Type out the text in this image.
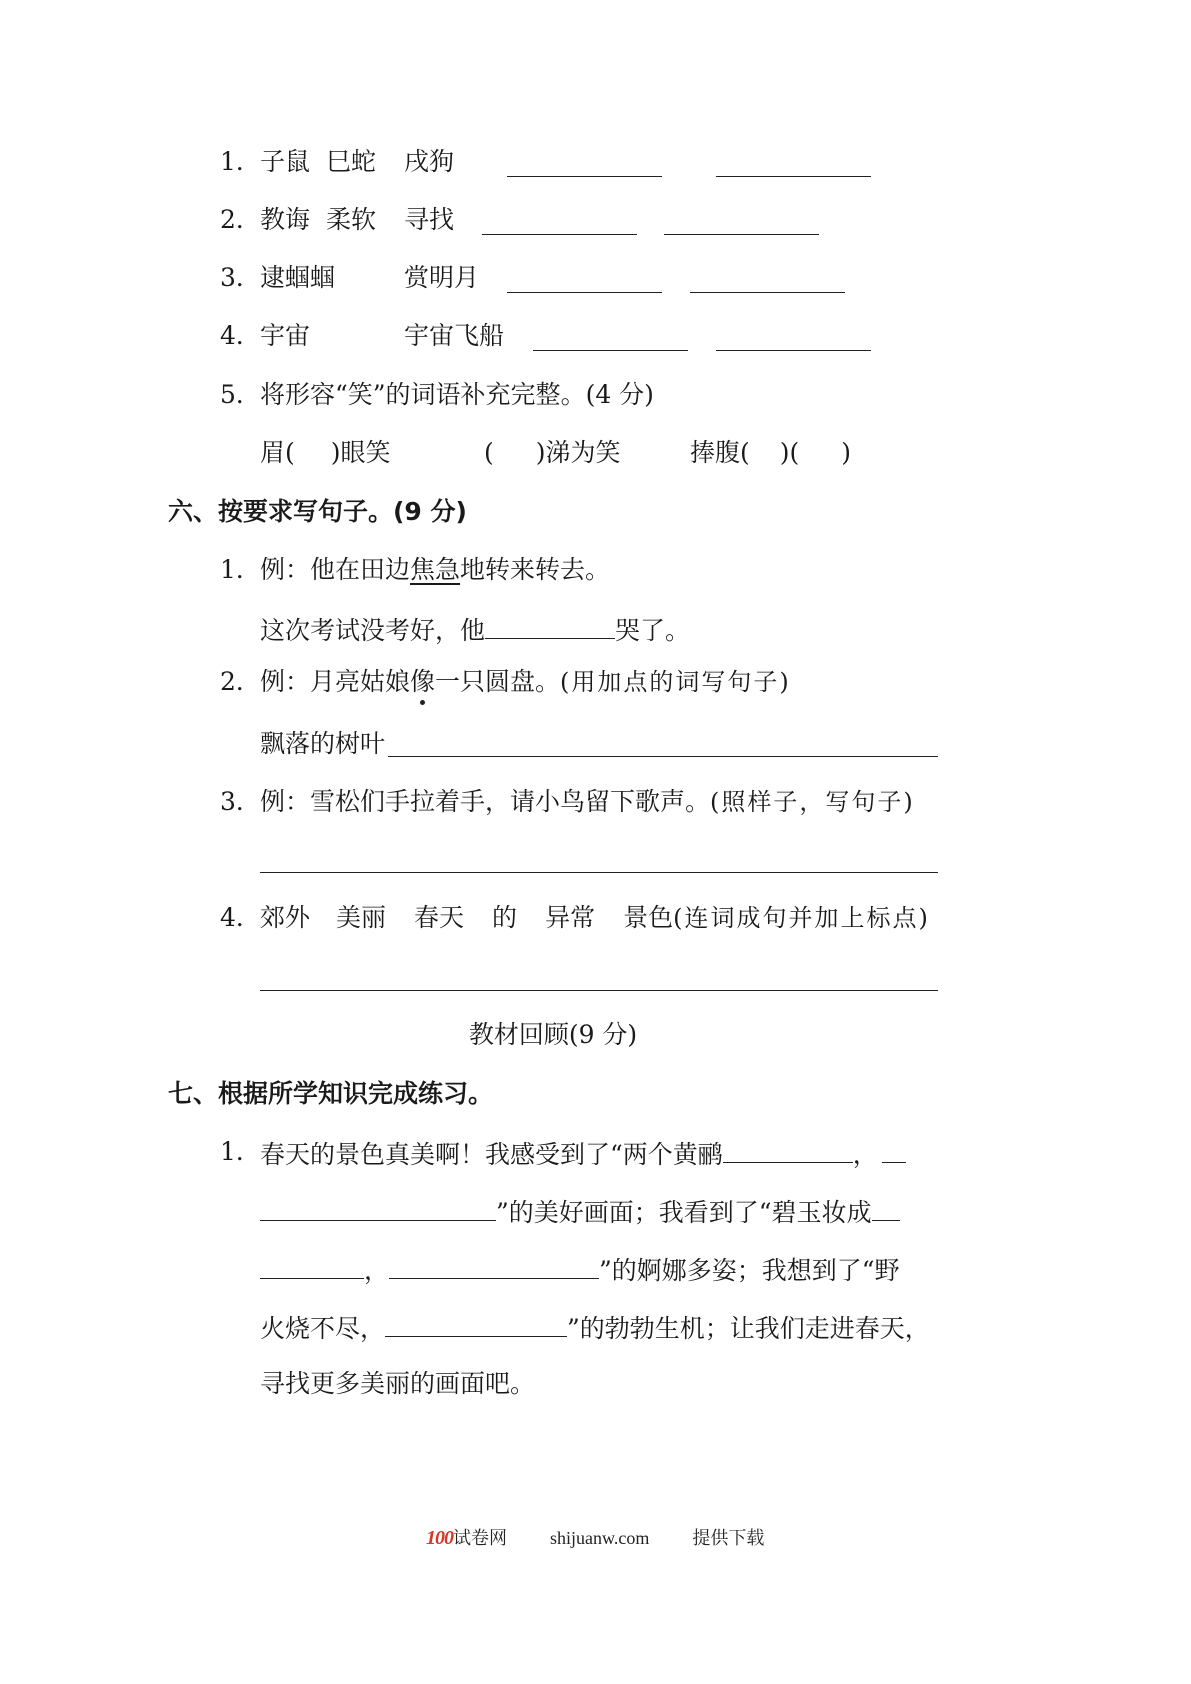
1． 子鼠 巳蛇 戌狗
2． 教诲 柔软 寻找
3． 逮蝈蝈	赏明月
4． 宇宙	宇宙飞船
5． 将形容“笑”的词语补充完整。(4 分)
眉( )眼笑	( )涕为笑	捧腹( )( )
六、按要求写句子。(9 分)
1． 例：他在田边焦急地转来转去。
这次考试没考好，他	哭了。
2． 例：月亮姑娘像一只圆盘。(用加点的词写句子)
飘落的树叶
3． 例：雪松们手拉着手，请小鸟留下歌声。(照样子，写句子)
4． 郊外 美丽 春天 的 异常 景色(连词成句并加上标点)
教材回顾(9 分)
七、根据所学知识完成练习。
1． 春天的景色真美啊！我感受到了“两个黄鹂	，
”的美好画面；我看到了“碧玉妆成
，	”的婀娜多姿；我想到了“野
火烧不尽，	”的勃勃生机；让我们走进春天，
寻找更多美丽的画面吧。
100试卷网 shijuanw.com 提供下载
